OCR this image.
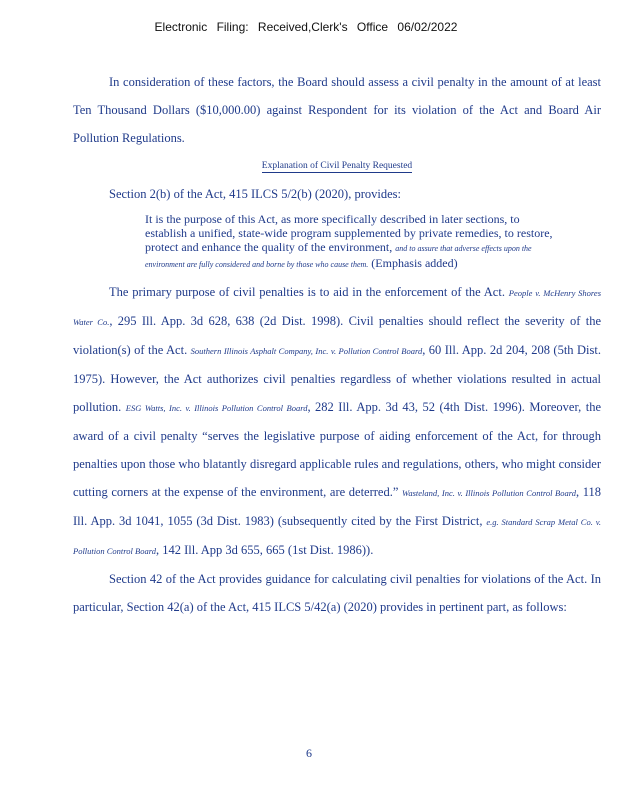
Electronic Filing: Received,Clerk's Office 06/02/2022

In consideration of these factors, the Board should assess a civil penalty in the amount of at least Ten Thousand Dollars ($10,000.00) against Respondent for its violation of the Act and Board Air Pollution Regulations.

Explanation of Civil Penalty Requested

Section 2(b) of the Act, 415 ILCS 5/2(b) (2020), provides:

It is the purpose of this Act, as more specifically described in later sections, to establish a unified, state-wide program supplemented by private remedies, to restore, protect and enhance the quality of the environment, and to assure that adverse effects upon the environment are fully considered and borne by those who cause them. (Emphasis added)

The primary purpose of civil penalties is to aid in the enforcement of the Act. People v. McHenry Shores Water Co., 295 Ill. App. 3d 628, 638 (2d Dist. 1998). Civil penalties should reflect the severity of the violation(s) of the Act. Southern Illinois Asphalt Company, Inc. v. Pollution Control Board, 60 Ill. App. 2d 204, 208 (5th Dist. 1975). However, the Act authorizes civil penalties regardless of whether violations resulted in actual pollution. ESG Watts, Inc. v. Illinois Pollution Control Board, 282 Ill. App. 3d 43, 52 (4th Dist. 1996). Moreover, the award of a civil penalty “serves the legislative purpose of aiding enforcement of the Act, for through penalties upon those who blatantly disregard applicable rules and regulations, others, who might consider cutting corners at the expense of the environment, are deterred.” Wasteland, Inc. v. Illinois Pollution Control Board, 118 Ill. App. 3d 1041, 1055 (3d Dist. 1983) (subsequently cited by the First District, e.g. Standard Scrap Metal Co. v. Pollution Control Board, 142 Ill. App 3d 655, 665 (1st Dist. 1986)).

Section 42 of the Act provides guidance for calculating civil penalties for violations of the Act. In particular, Section 42(a) of the Act, 415 ILCS 5/42(a) (2020) provides in pertinent part, as follows:

6
